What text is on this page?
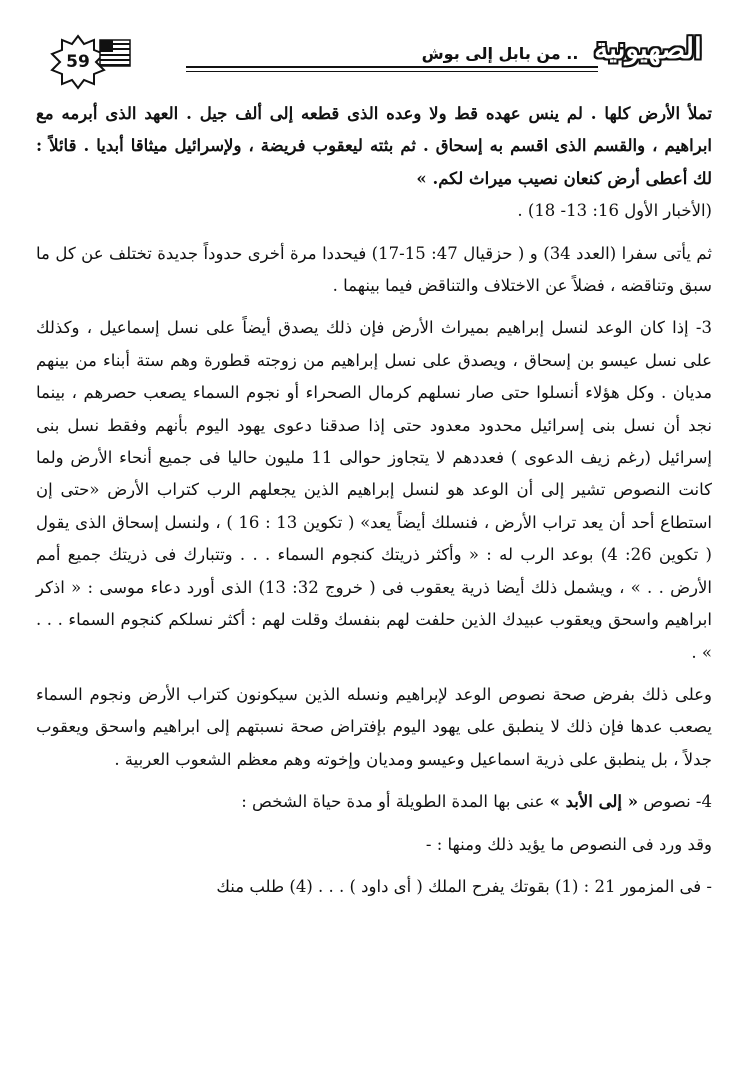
59	.. من بابل إلى بوش الصهيونية

تملأ الأرض كلها . لم ينس عهده قط ولا وعده الذى قطعه إلى ألف جيل . العهد الذى أبرمه مع ابراهيم ، والقسم الذى اقسم به إسحاق . ثم بثته ليعقوب فريضة ، ولإسرائيل ميثاقا أبديا . قائلاً : لك أعطى أرض كنعان نصيب ميراث لكم. »

(الأخبار الأول 16: 13- 18) .

ثم يأتى سفرا (العدد 34) و ( حزقيال 47: 15-17) فيحددا مرة أخرى حدوداً جديدة تختلف عن كل ما سبق وتناقضه ، فضلاً عن الاختلاف والتناقض فيما بينهما .

3- إذا كان الوعد لنسل إبراهيم بميراث الأرض فإن ذلك يصدق أيضاً على نسل إسماعيل ، وكذلك على نسل عيسو بن إسحاق ، ويصدق على نسل إبراهيم من زوجته قطورة وهم ستة أبناء من بينهم مديان . وكل هؤلاء أنسلوا حتى صار نسلهم كرمال الصحراء أو نجوم السماء يصعب حصرهم ، بينما نجد أن نسل بنى إسرائيل محدود معدود حتى إذا صدقنا دعوى يهود اليوم بأنهم وفقط نسل بنى إسرائيل (رغم زيف الدعوى ) فعددهم لا يتجاوز حوالى 11 مليون حاليا فى جميع أنحاء الأرض ولما كانت النصوص تشير إلى أن الوعد هو لنسل إبراهيم الذين يجعلهم الرب كتراب الأرض «حتى إن استطاع أحد أن يعد تراب الأرض ، فنسلك أيضاً يعد» ( تكوين 13 : 16 ) ، ولنسل إسحاق الذى يقول ( تكوين 26: 4) بوعد الرب له : « وأكثر ذريتك كنجوم السماء . . . وتتبارك فى ذريتك جميع أمم الأرض . . » ، ويشمل ذلك أيضا ذرية يعقوب فى ( خروج 32: 13) الذى أورد دعاء موسى : « اذكر ابراهيم واسحق ويعقوب عبيدك الذين حلفت لهم بنفسك وقلت لهم : أكثر نسلكم كنجوم السماء . . . » .

وعلى ذلك بفرض صحة نصوص الوعد لإبراهيم ونسله الذين سيكونون كتراب الأرض ونجوم السماء يصعب عدها فإن ذلك لا ينطبق على يهود اليوم بإفتراض صحة نسبتهم إلى ابراهيم واسحق ويعقوب جدلاً ، بل ينطبق على ذرية اسماعيل وعيسو ومديان وإخوته وهم معظم الشعوب العربية .

4- نصوص « إلى الأبد » عنى بها المدة الطويلة أو مدة حياة الشخص :

وقد ورد فى النصوص ما يؤيد ذلك ومنها : -

- فى المزمور 21 : (1) بقوتك يفرح الملك ( أى داود ) . . . (4) طلب منك
